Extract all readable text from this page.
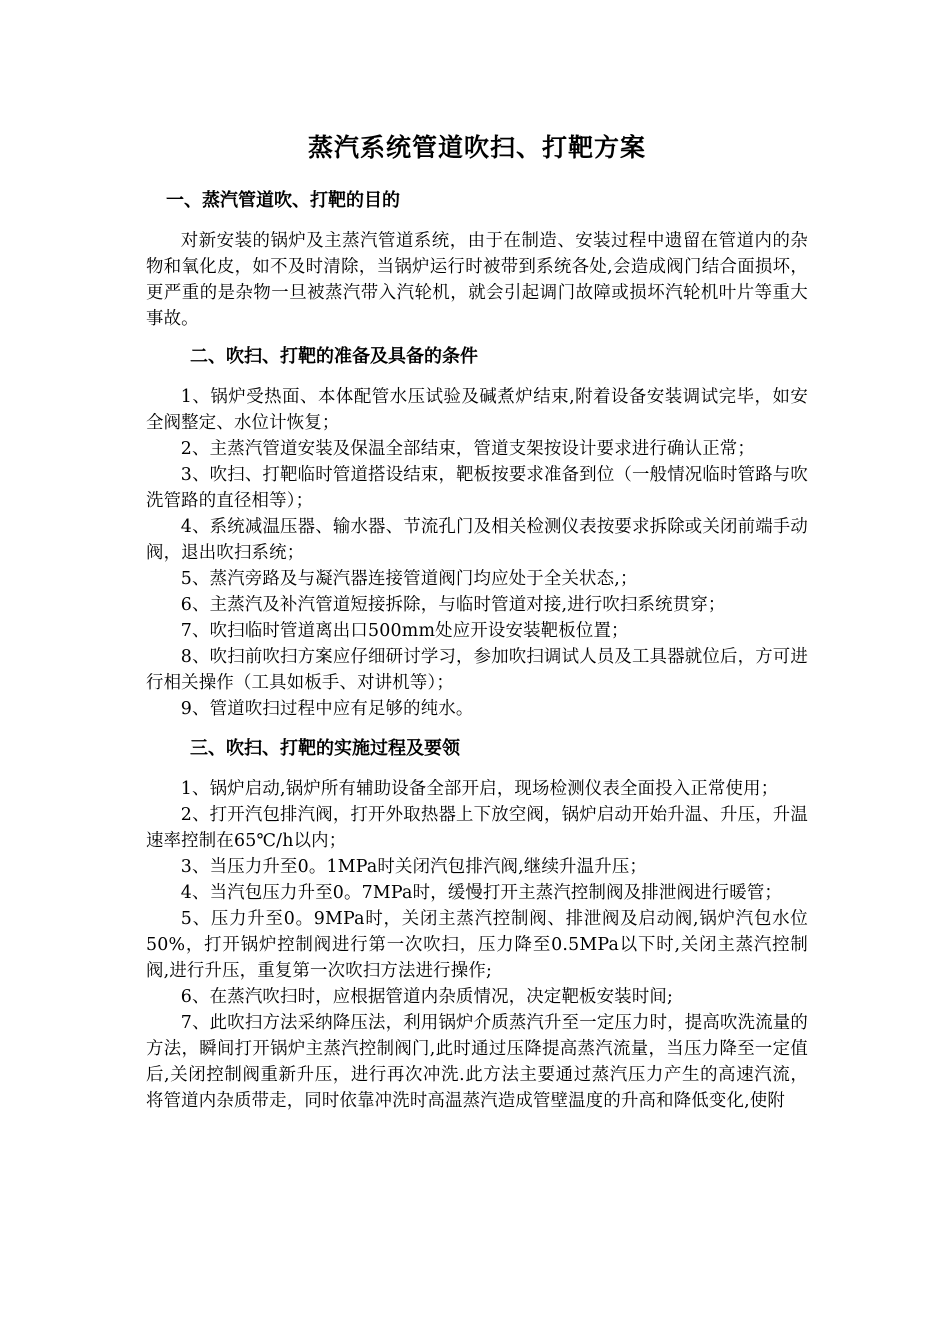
蒸汽系统管道吹扫、打靶方案
一、蒸汽管道吹、打靶的目的

对新安装的锅炉及主蒸汽管道系统，由于在制造、安装过程中遗留在管道内的杂物和氧化皮，如不及时清除，当锅炉运行时被带到系统各处,会造成阀门结合面损坏，更严重的是杂物一旦被蒸汽带入汽轮机，就会引起调门故障或损坏汽轮机叶片等重大事故。

二、吹扫、打靶的准备及具备的条件

1、锅炉受热面、本体配管水压试验及碱煮炉结束,附着设备安装调试完毕，如安全阀整定、水位计恢复；

2、主蒸汽管道安装及保温全部结束，管道支架按设计要求进行确认正常；

3、吹扫、打靶临时管道搭设结束，靶板按要求准备到位（一般情况临时管路与吹洗管路的直径相等）；

4、系统减温压器、输水器、节流孔门及相关检测仪表按要求拆除或关闭前端手动阀，退出吹扫系统；

5、蒸汽旁路及与凝汽器连接管道阀门均应处于全关状态,；

6、主蒸汽及补汽管道短接拆除，与临时管道对接,进行吹扫系统贯穿；

7、吹扫临时管道离出口500mm处应开设安装靶板位置；

8、吹扫前吹扫方案应仔细研讨学习，参加吹扫调试人员及工具器就位后，方可进行相关操作（工具如板手、对讲机等）；

9、管道吹扫过程中应有足够的纯水。

三、吹扫、打靶的实施过程及要领

1、锅炉启动,锅炉所有辅助设备全部开启，现场检测仪表全面投入正常使用；

2、打开汽包排汽阀，打开外取热器上下放空阀，锅炉启动开始升温、升压，升温速率控制在65℃/h以内；

3、当压力升至0。1MPa时关闭汽包排汽阀,继续升温升压；

4、当汽包压力升至0。7MPa时，缓慢打开主蒸汽控制阀及排泄阀进行暖管；

5、压力升至0。9MPa时，关闭主蒸汽控制阀、排泄阀及启动阀,锅炉汽包水位50%，打开锅炉控制阀进行第一次吹扫，压力降至0.5MPa以下时,关闭主蒸汽控制阀,进行升压，重复第一次吹扫方法进行操作;

6、在蒸汽吹扫时，应根据管道内杂质情况，决定靶板安装时间;

7、此吹扫方法采纳降压法，利用锅炉介质蒸汽升至一定压力时，提高吹洗流量的方法，瞬间打开锅炉主蒸汽控制阀门,此时通过压降提高蒸汽流量，当压力降至一定值后,关闭控制阀重新升压，进行再次冲洗.此方法主要通过蒸汽压力产生的高速汽流，将管道内杂质带走，同时依靠冲洗时高温蒸汽造成管壁温度的升高和降低变化,使附
